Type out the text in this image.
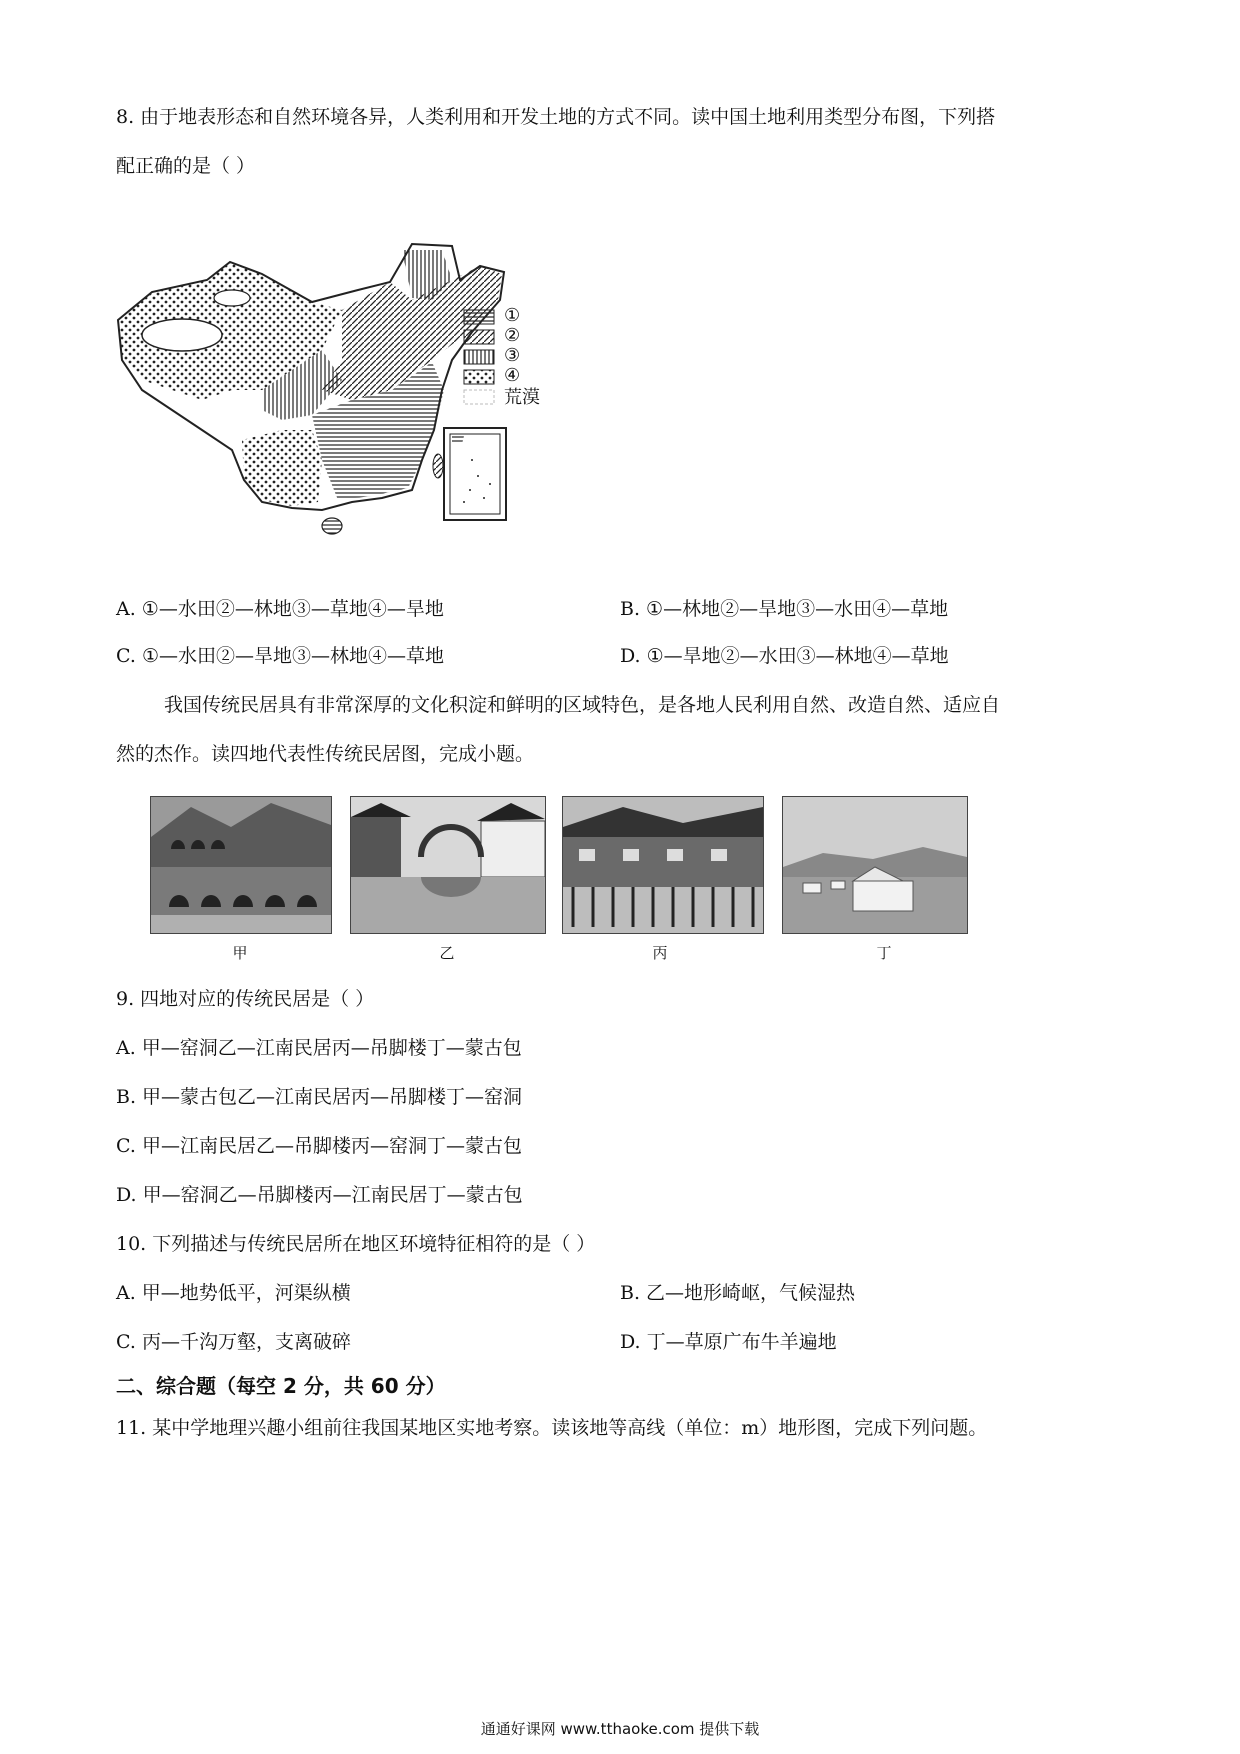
8. 由于地表形态和自然环境各异，人类利用和开发土地的方式不同。读中国土地利用类型分布图，下列搭
配正确的是（ ）
①
②
③
④
荒漠
A. ①—水田②—林地③—草地④—旱地	B. ①—林地②—旱地③—水田④—草地
C. ①—水田②—旱地③—林地④—草地	D. ①—旱地②—水田③—林地④—草地
我国传统民居具有非常深厚的文化积淀和鲜明的区域特色，是各地人民利用自然、改造自然、适应自
然的杰作。读四地代表性传统民居图，完成小题。
甲	乙	丙	丁
9. 四地对应的传统民居是（ ）
A. 甲—窑洞乙—江南民居丙—吊脚楼丁—蒙古包
B. 甲—蒙古包乙—江南民居丙—吊脚楼丁—窑洞
C. 甲—江南民居乙—吊脚楼丙—窑洞丁—蒙古包
D. 甲—窑洞乙—吊脚楼丙—江南民居丁—蒙古包
10. 下列描述与传统民居所在地区环境特征相符的是（ ）
A. 甲—地势低平，河渠纵横	B. 乙—地形崎岖，气候湿热
C. 丙—千沟万壑，支离破碎	D. 丁—草原广布牛羊遍地
二、综合题（每空 2 分，共 60 分）
11. 某中学地理兴趣小组前往我国某地区实地考察。读该地等高线（单位：m）地形图，完成下列问题。
通通好课网 www.tthaoke.com 提供下载
